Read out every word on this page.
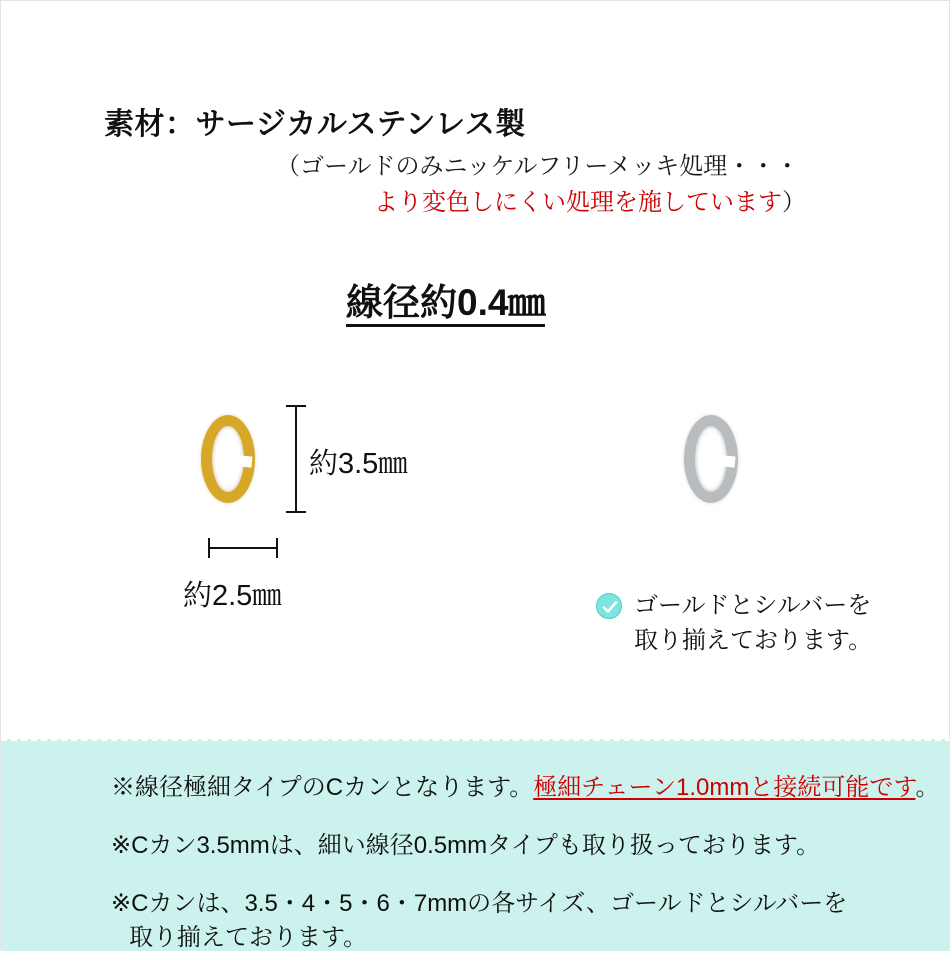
素材：サージカルステンレス製
（ゴールドのみニッケルフリーメッキ処理・・・
より変色しにくい処理を施しています）
線径約0.4㎜
約3.5㎜
約2.5㎜	ゴールドとシルバーを
取り揃えております。
※線径極細タイプのCカンとなります。極細チェーン1.0mmと接続可能です。
※Cカン3.5mmは、細い線径0.5mmタイプも取り扱っております。
※Cカンは、3.5・4・5・6・7mmの各サイズ、ゴールドとシルバーを
取り揃えております。
